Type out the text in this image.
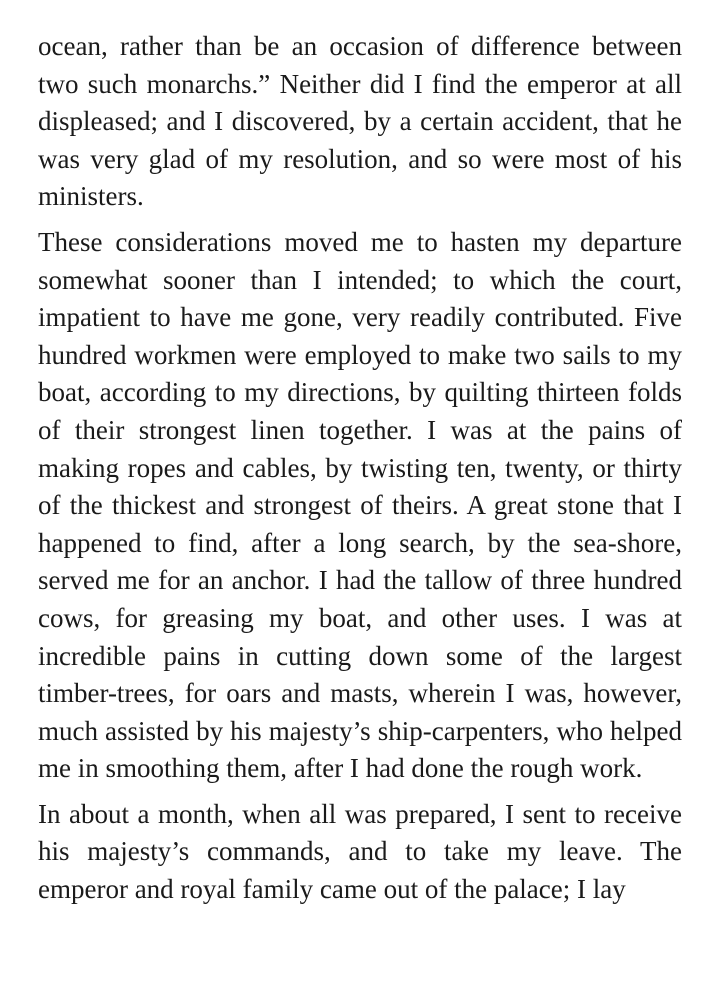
ocean, rather than be an occasion of difference between two such monarchs.” Neither did I find the emperor at all displeased; and I discovered, by a certain accident, that he was very glad of my resolution, and so were most of his ministers.

These considerations moved me to hasten my departure somewhat sooner than I intended; to which the court, impatient to have me gone, very readily contributed. Five hundred workmen were employed to make two sails to my boat, according to my directions, by quilting thirteen folds of their strongest linen together. I was at the pains of making ropes and cables, by twisting ten, twenty, or thirty of the thickest and strongest of theirs. A great stone that I happened to find, after a long search, by the sea-shore, served me for an anchor. I had the tallow of three hundred cows, for greasing my boat, and other uses. I was at incredible pains in cutting down some of the largest timber-trees, for oars and masts, wherein I was, however, much assisted by his majesty’s ship-carpenters, who helped me in smoothing them, after I had done the rough work.

In about a month, when all was prepared, I sent to receive his majesty’s commands, and to take my leave. The emperor and royal family came out of the palace; I lay
